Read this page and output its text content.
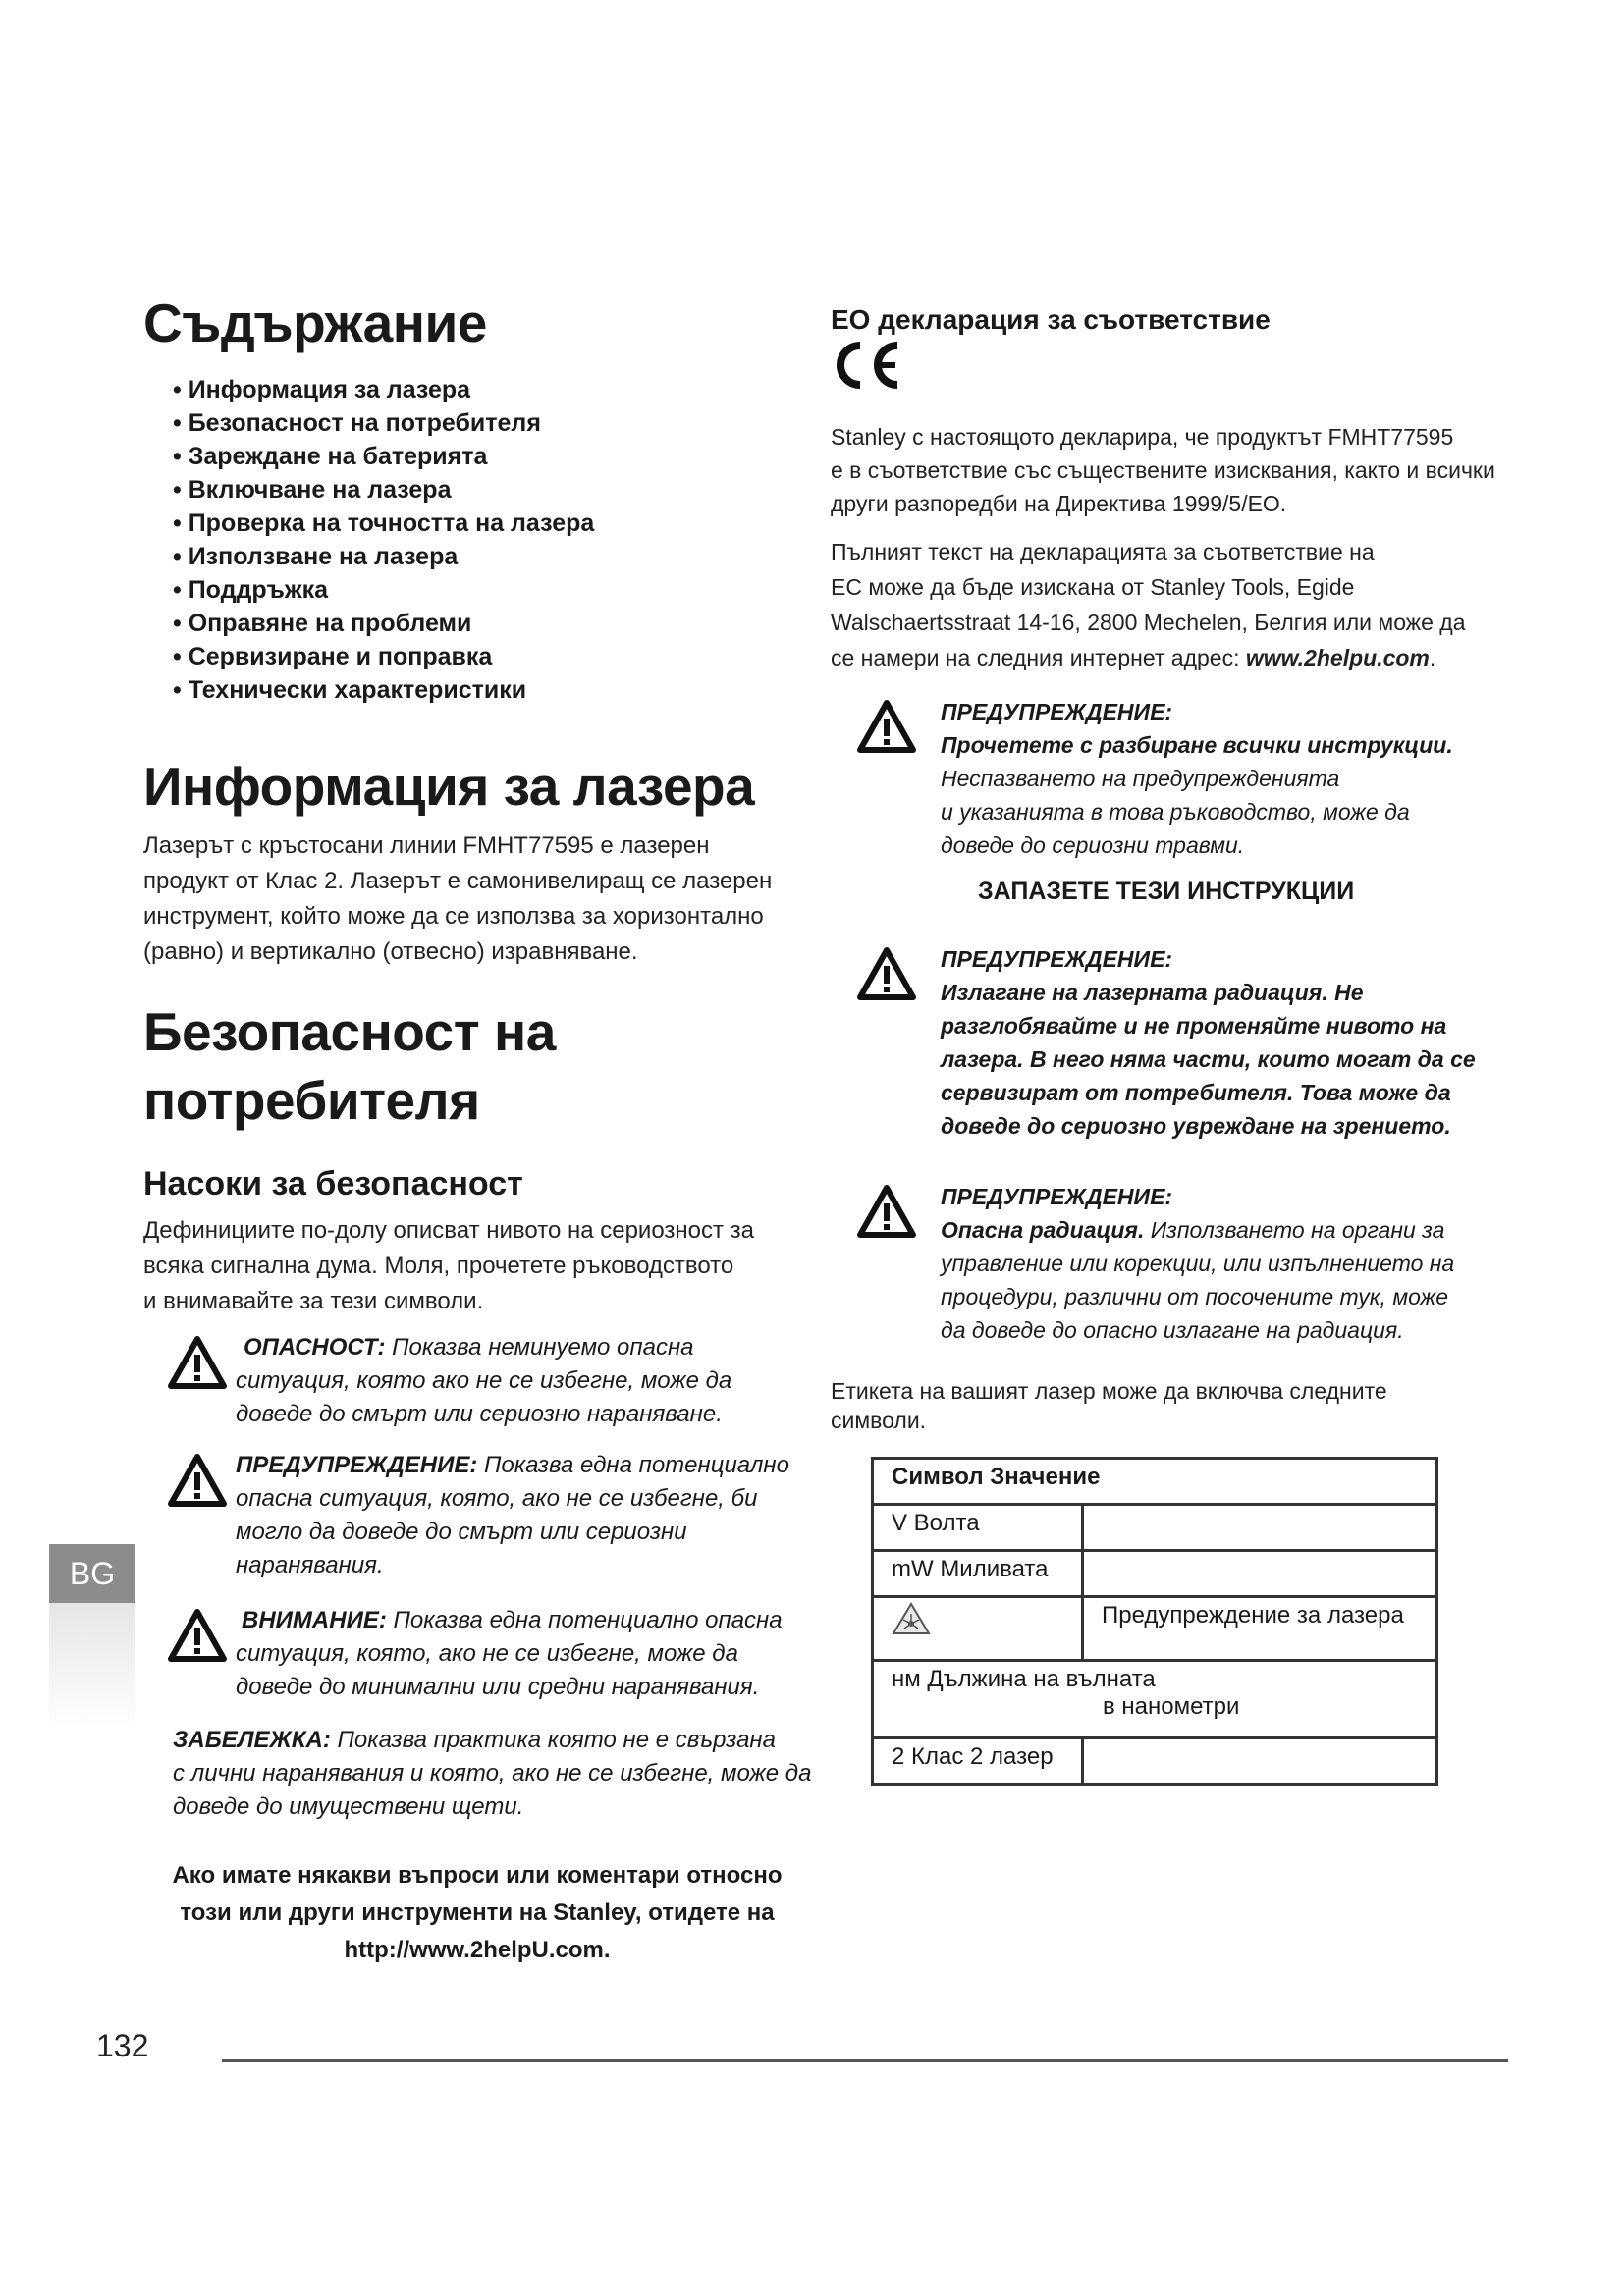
Съдържание
• Информация за лазера
• Безопасност на потребителя
• Зареждане на батерията
• Включване на лазера
• Проверка на точността на лазера
• Използване на лазера
• Поддръжка
• Оправяне на проблеми
• Сервизиране и поправка
• Технически характеристики
Информация за лазера
Лазерът с кръстосани линии FMHT77595 е лазерен
продукт от Клас 2. Лазерът е самонивелиращ се лазерен
инструмент, който може да се използва за хоризонтално
(равно) и вертикално (отвесно) изравняване.
Безопасност на
потребителя
Насоки за безопасност
Дефинициите по-долу описват нивото на сериозност за
всяка сигнална дума. Моля, прочетете ръководството
и внимавайте за тези символи.
ОПАСНОСТ: Показва неминуемо опасна
ситуация, която ако не се избегне, може да
доведе до смърт или сериозно нараняване.
ПРЕДУПРЕЖДЕНИЕ: Показва една потенциално
опасна ситуация, която, ако не се избегне, би
могло да доведе до смърт или сериозни
наранявания.
ВНИМАНИЕ: Показва една потенциално опасна
ситуация, която, ако не се избегне, може да
доведе до минимални или средни наранявания.
ЗАБЕЛЕЖКА: Показва практика която не е свързана
с лични наранявания и която, ако не се избегне, може да
доведе до имуществени щети.
Ако имате някакви въпроси или коментари относно
този или други инструменти на Stanley, отидете на
http://www.2helpU.com.
BG
ЕО декларация за съответствие
Stanley с настоящото декларира, че продуктът FMHT77595
е в съответствие със съществените изисквания, както и всички
други разпоредби на Директива 1999/5/EO.
Пълният текст на декларацията за съответствие на
ЕС може да бъде изискана от Stanley Tools, Egide
Walschaertsstraat 14-16, 2800 Mechelen, Белгия или може да
се намери на следния интернет адрес: www.2helpu.com.
ПРЕДУПРЕЖДЕНИЕ:
Прочетете с разбиране всички инструкции.
Неспазването на предупрежденията
и указанията в това ръководство, може да
доведе до сериозни травми.
ЗАПАЗЕТЕ ТЕЗИ ИНСТРУКЦИИ
ПРЕДУПРЕЖДЕНИЕ:
Излагане на лазерната радиация. Не
разглобявайте и не променяйте нивото на
лазера. В него няма части, които могат да се
сервизират от потребителя. Това може да
доведе до сериозно увреждане на зрението.
ПРЕДУПРЕЖДЕНИЕ:
Опасна радиация. Използването на органи за
управление или корекции, или изпълнението на
процедури, различни от посочените тук, може
да доведе до опасно излагане на радиация.
Етикета на вашият лазер може да включва следните
символи.
Символ Значение	
V Волта	
mW Миливата	
	Предупреждение за лазера

нм Дължина на вълната
в нанометри	

2 Клас 2 лазер	
132
